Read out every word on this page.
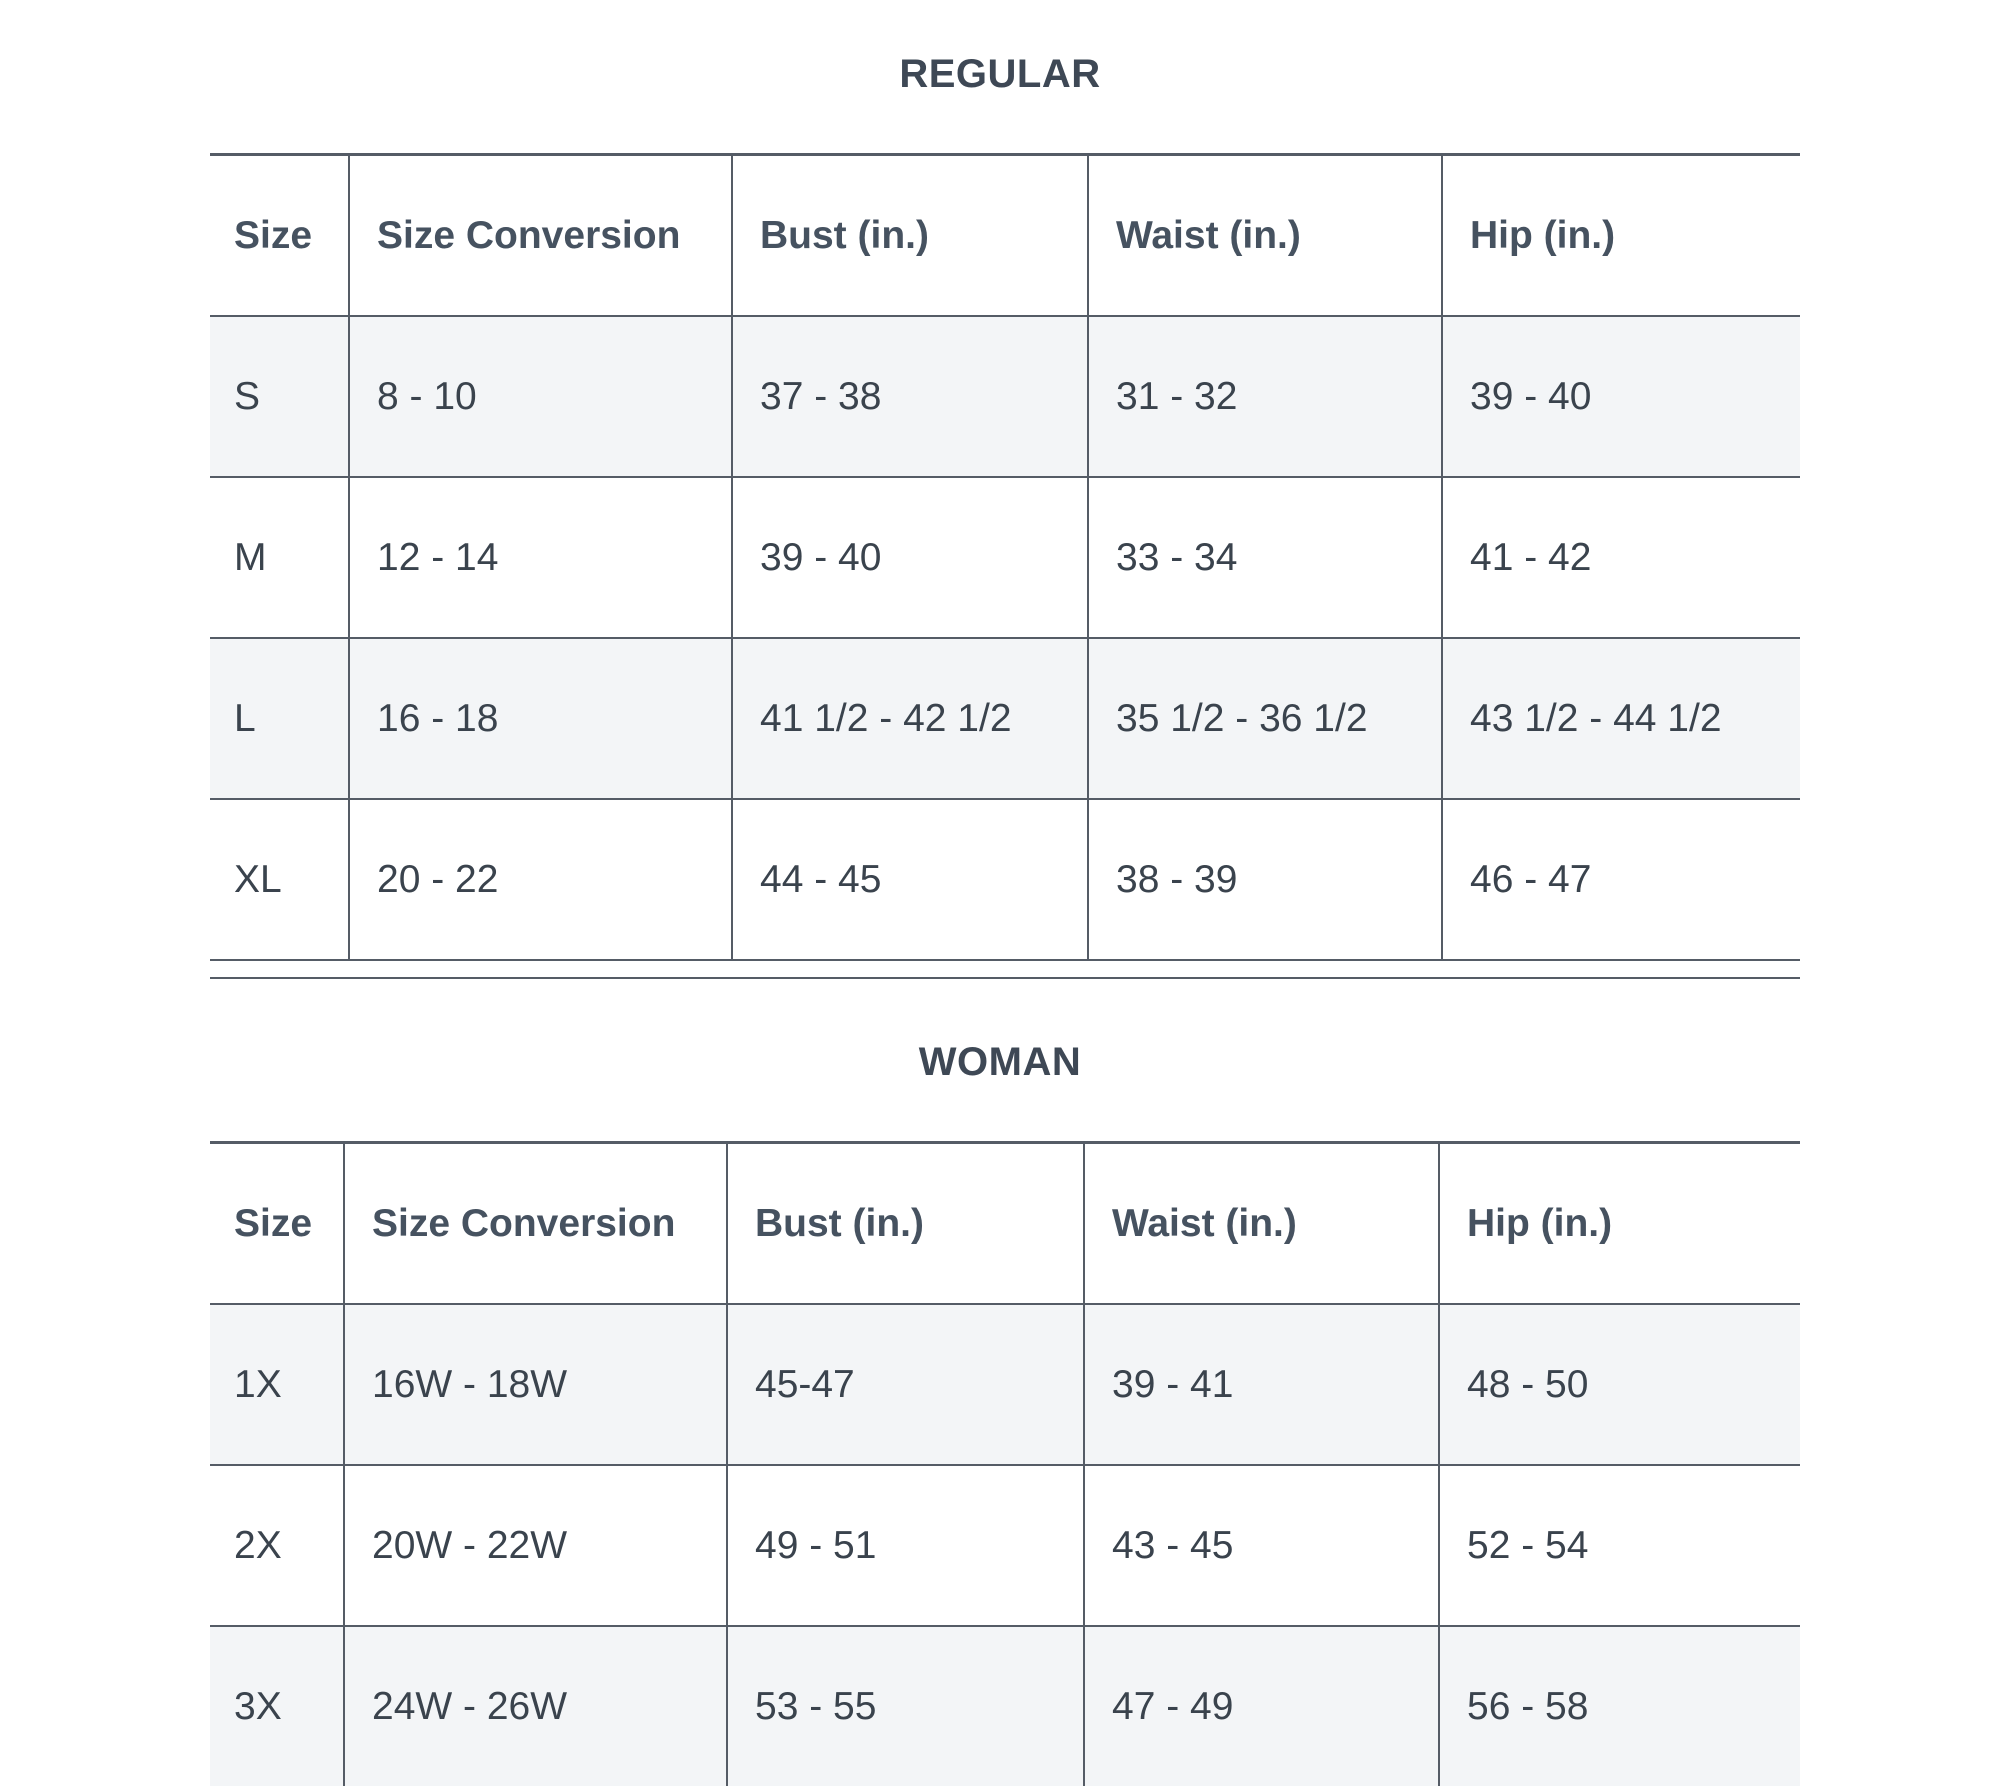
REGULAR
Size	Size Conversion	Bust (in.)	Waist (in.)	Hip (in.)
S	8 - 10	37 - 38	31 - 32	39 - 40
M	12 - 14	39 - 40	33 - 34	41 - 42
L	16 - 18	41 1/2 - 42 1/2	35 1/2 - 36 1/2	43 1/2 - 44 1/2
XL	20 - 22	44 - 45	38 - 39	46 - 47
WOMAN
Size	Size Conversion	Bust (in.)	Waist (in.)	Hip (in.)
1X	16W - 18W	45-47	39 - 41	48 - 50
2X	20W - 22W	49 - 51	43 - 45	52 - 54
3X	24W - 26W	53 - 55	47 - 49	56 - 58
